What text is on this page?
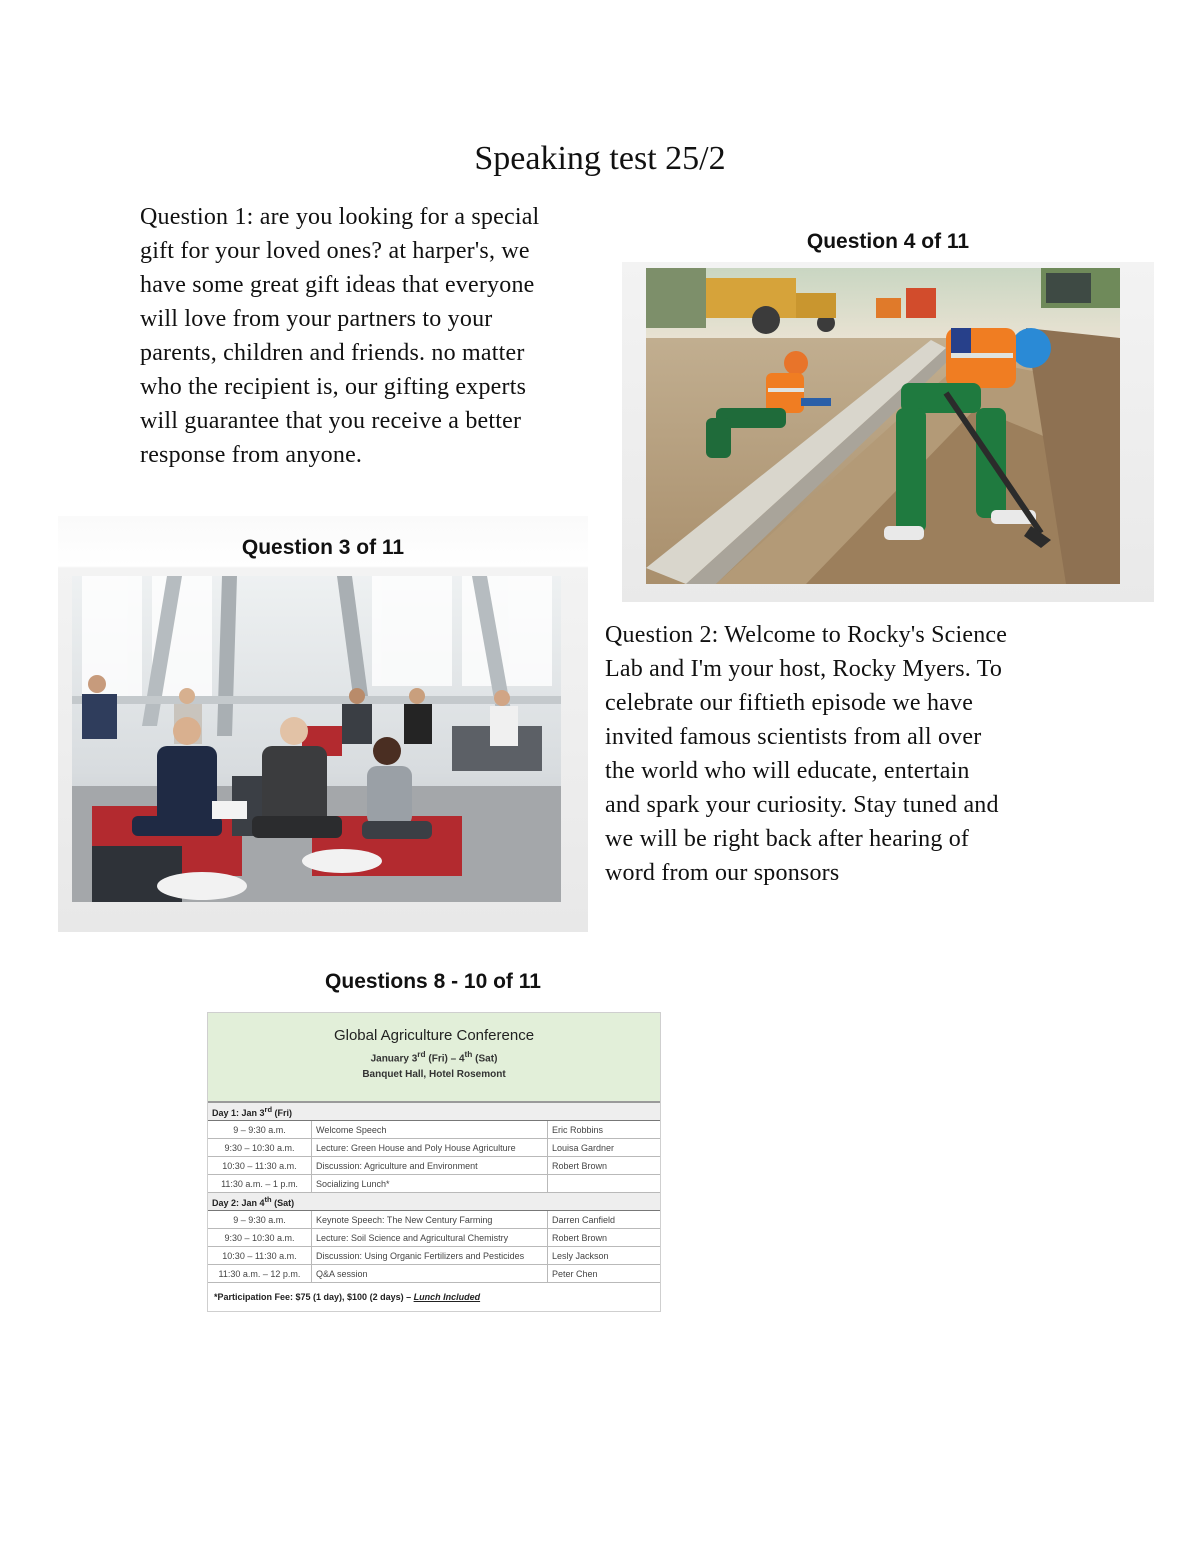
Speaking test 25/2
Question 1: are you looking for a special
gift for your loved ones? at harper's, we
have some great gift ideas that everyone
will love from your partners to your
parents, children and friends. no matter
who the recipient is, our gifting experts
will guarantee that you receive a better
response from anyone.
Question 4 of 11
Question 3 of 11
Question 2: Welcome to Rocky's Science
Lab and I'm your host, Rocky Myers. To
celebrate our fiftieth episode we have
invited famous scientists from all over
the world who will educate, entertain
and spark your curiosity. Stay tuned and
we will be right back after hearing of
word from our sponsors
Questions 8 - 10 of 11
Global Agriculture Conference
January 3rd (Fri) – 4th (Sat)
Banquet Hall, Hotel Rosemont
Day 1: Jan 3rd (Fri)		
9 – 9:30 a.m.	Welcome Speech	Eric Robbins
9:30 – 10:30 a.m.	Lecture: Green House and Poly House Agriculture	Louisa Gardner
10:30 – 11:30 a.m.	Discussion: Agriculture and Environment	Robert Brown
11:30 a.m. – 1 p.m.	Socializing Lunch*	
Day 2: Jan 4th (Sat)		
9 – 9:30 a.m.	Keynote Speech: The New Century Farming	Darren Canfield
9:30 – 10:30 a.m.	Lecture: Soil Science and Agricultural Chemistry	Robert Brown
10:30 – 11:30 a.m.	Discussion: Using Organic Fertilizers and Pesticides	Lesly Jackson
11:30 a.m. – 12 p.m.	Q&A session	Peter Chen
*Participation Fee: $75 (1 day), $100 (2 days) – Lunch Included
